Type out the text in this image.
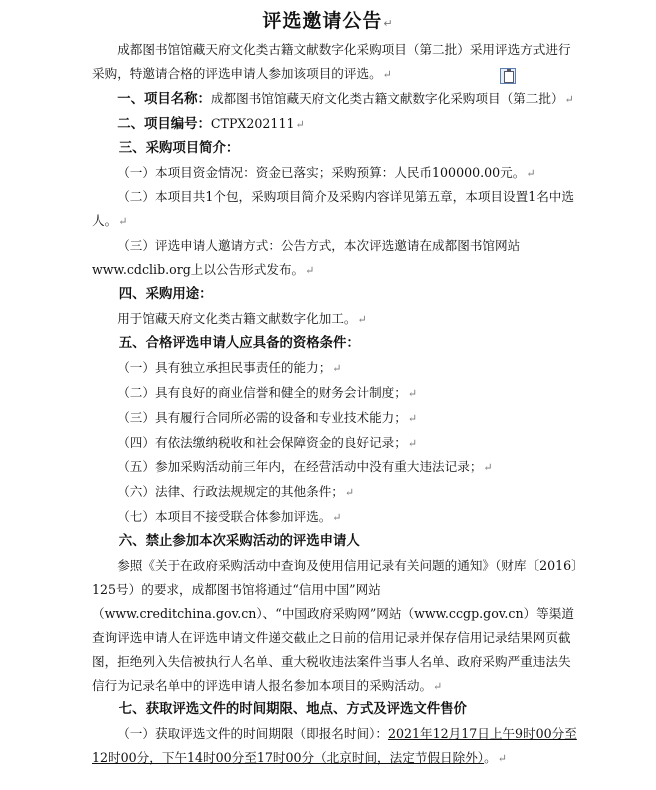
评选邀请公告↵

成都图书馆馆藏天府文化类古籍文献数字化采购项目（第二批）采用评选方式进行采购，特邀请合格的评选申请人参加该项目的评选。↵

一、项目名称：成都图书馆馆藏天府文化类古籍文献数字化采购项目（第二批）↵

二、项目编号：CTPX202111↵

三、采购项目简介：

（一）本项目资金情况：资金已落实；采购预算：人民币100000.00元。↵

（二）本项目共1个包，采购项目简介及采购内容详见第五章，本项目设置1名中选人。↵

（三）评选申请人邀请方式：公告方式，本次评选邀请在成都图书馆网站www.cdclib.org上以公告形式发布。↵

四、采购用途：

用于馆藏天府文化类古籍文献数字化加工。↵

五、合格评选申请人应具备的资格条件：

（一）具有独立承担民事责任的能力；↵

（二）具有良好的商业信誉和健全的财务会计制度；↵

（三）具有履行合同所必需的设备和专业技术能力；↵

（四）有依法缴纳税收和社会保障资金的良好记录；↵

（五）参加采购活动前三年内，在经营活动中没有重大违法记录；↵

（六）法律、行政法规规定的其他条件；↵

（七）本项目不接受联合体参加评选。↵

六、禁止参加本次采购活动的评选申请人

参照《关于在政府采购活动中查询及使用信用记录有关问题的通知》（财库〔2016〕125号）的要求，成都图书馆将通过“信用中国”网站（www.creditchina.gov.cn）、“中国政府采购网”网站（www.ccgp.gov.cn）等渠道查询评选申请人在评选申请文件递交截止之日前的信用记录并保存信用记录结果网页截图，拒绝列入失信被执行人名单、重大税收违法案件当事人名单、政府采购严重违法失信行为记录名单中的评选申请人报名参加本项目的采购活动。↵

七、获取评选文件的时间期限、地点、方式及评选文件售价

（一）获取评选文件的时间期限（即报名时间）：2021年12月17日上午9时00分至12时00分，下午14时00分至17时00分（北京时间，法定节假日除外）。↵
